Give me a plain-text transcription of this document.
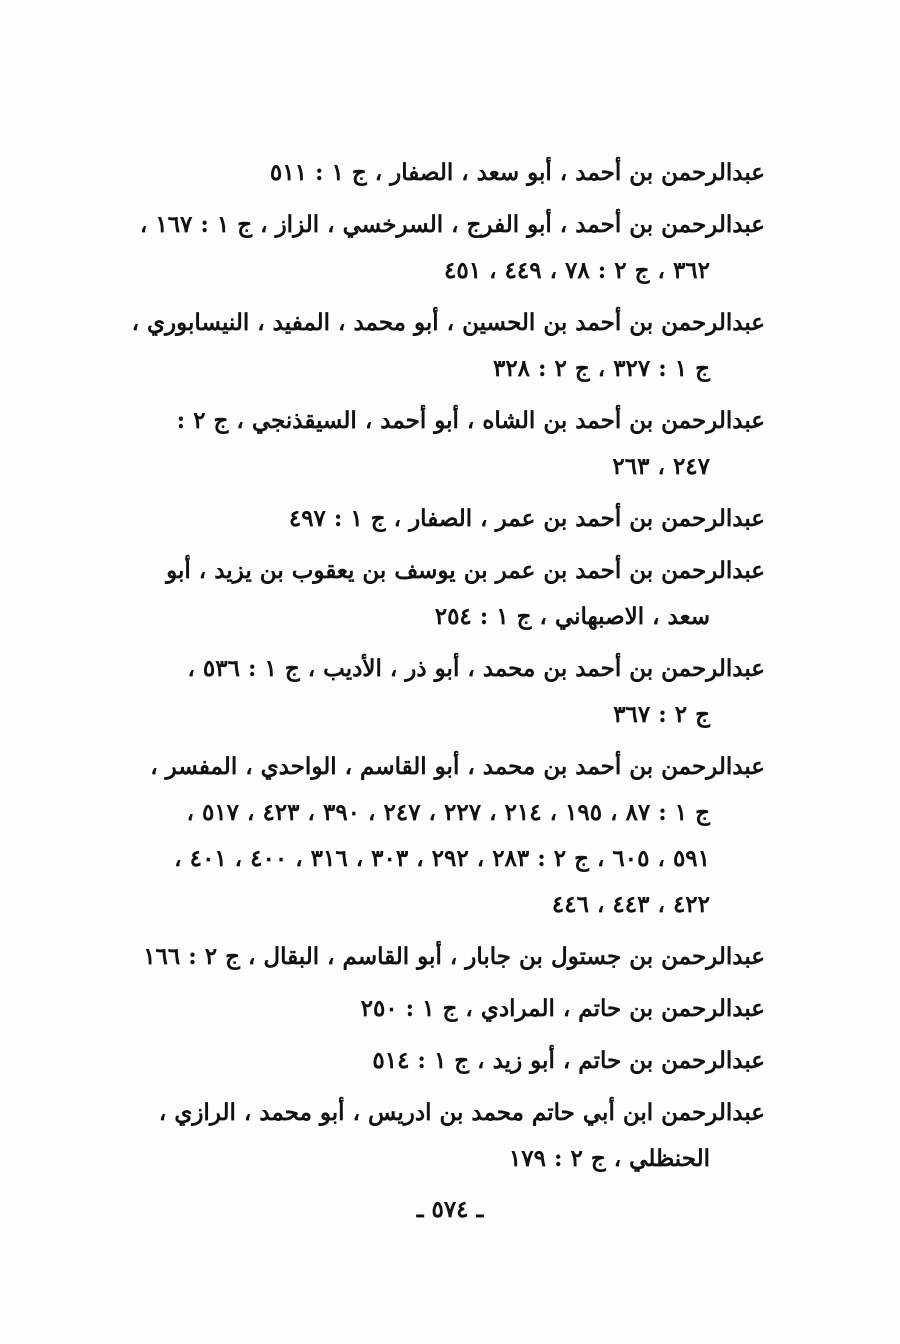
عبدالرحمن بن أحمد ، أبو سعد ، الصفار ، ج ١ : ٥١١
عبدالرحمن بن أحمد ، أبو الفرج ، السرخسي ، الزاز ، ج ١ : ١٦٧ ،
٣٦٢ ، ج ٢ : ٧٨ ، ٤٤٩ ، ٤٥١
عبدالرحمن بن أحمد بن الحسين ، أبو محمد ، المفيد ، النيسابوري ،
ج ١ : ٣٢٧ ، ج ٢ : ٣٢٨
عبدالرحمن بن أحمد بن الشاه ، أبو أحمد ، السيقذنجي ، ج ٢ :
٢٤٧ ، ٢٦٣
عبدالرحمن بن أحمد بن عمر ، الصفار ، ج ١ : ٤٩٧
عبدالرحمن بن أحمد بن عمر بن يوسف بن يعقوب بن يزيد ، أبو
سعد ، الاصبهاني ، ج ١ : ٢٥٤
عبدالرحمن بن أحمد بن محمد ، أبو ذر ، الأديب ، ج ١ : ٥٣٦ ،
ج ٢ : ٣٦٧
عبدالرحمن بن أحمد بن محمد ، أبو القاسم ، الواحدي ، المفسر ،
ج ١ : ٨٧ ، ١٩٥ ، ٢١٤ ، ٢٢٧ ، ٢٤٧ ، ٣٩٠ ، ٤٢٣ ، ٥١٧ ،
٥٩١ ، ٦٠٥ ، ج ٢ : ٢٨٣ ، ٢٩٢ ، ٣٠٣ ، ٣١٦ ، ٤٠٠ ، ٤٠١ ،
٤٢٢ ، ٤٤٣ ، ٤٤٦
عبدالرحمن بن جستول بن جابار ، أبو القاسم ، البقال ، ج ٢ : ١٦٦
عبدالرحمن بن حاتم ، المرادي ، ج ١ : ٢٥٠
عبدالرحمن بن حاتم ، أبو زيد ، ج ١ : ٥١٤
عبدالرحمن ابن أبي حاتم محمد بن ادريس ، أبو محمد ، الرازي ،
الحنظلي ، ج ٢ : ١٧٩
ـ ٥٧٤ ـ
